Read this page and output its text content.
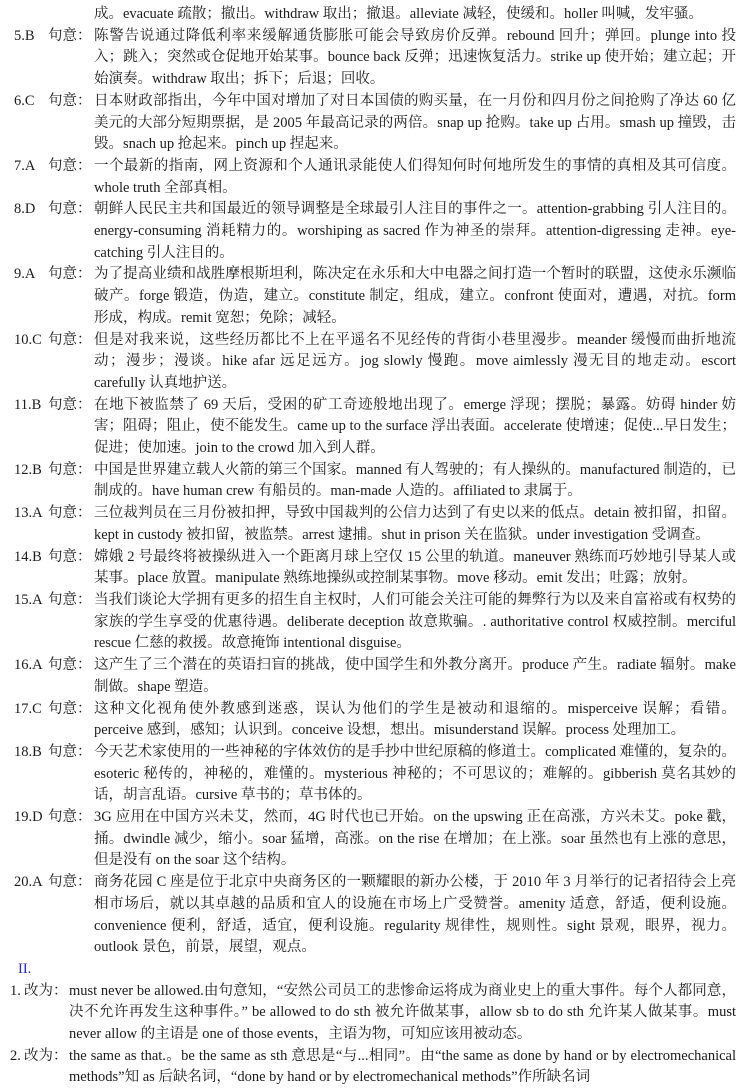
成。evacuate 疏散；撤出。withdraw 取出；撤退。alleviate 减轻，使缓和。holler 叫喊，发牢骚。
5.B 句意： 陈警告说通过降低利率来缓解通货膨胀可能会导致房价反弹。rebound 回升；弹回。plunge into 投入；跳入；突然或仓促地开始某事。bounce back 反弹；迅速恢复活力。strike up 使开始；建立起；开始演奏。withdraw 取出；拆下；后退；回收。
6.C 句意： 日本财政部指出，今年中国对增加了对日本国债的购买量，在一月份和四月份之间抢购了净达 60 亿美元的大部分短期票据，是 2005 年最高记录的两倍。snap up 抢购。take up 占用。smash up 撞毁，击毁。snach up 抢起来。pinch up 捏起来。
7.A 句意： 一个最新的指南，网上资源和个人通讯录能使人们得知何时何地所发生的事情的真相及其可信度。whole truth 全部真相。
8.D 句意： 朝鲜人民民主共和国最近的领导调整是全球最引人注目的事件之一。attention-grabbing 引人注目的。energy-consuming 消耗精力的。worshiping as sacred 作为神圣的崇拜。attention-digressing 走神。eye-catching 引人注目的。
9.A 句意： 为了提高业绩和战胜摩根斯坦利，陈决定在永乐和大中电器之间打造一个暂时的联盟，这使永乐濒临破产。forge 锻造，伪造，建立。constitute 制定，组成，建立。confront 使面对，遭遇，对抗。form 形成，构成。remit 宽恕；免除；减轻。
10.C 句意： 但是对我来说，这些经历都比不上在平遥名不见经传的背街小巷里漫步。meander 缓慢而曲折地流动；漫步；漫谈。hike afar 远足远方。jog slowly 慢跑。move aimlessly 漫无目的地走动。escort carefully 认真地护送。
11.B 句意： 在地下被监禁了 69 天后，受困的矿工奇迹般地出现了。emerge 浮现；摆脱；暴露。妨碍 hinder 妨害；阻碍；阻止，使不能发生。came up to the surface 浮出表面。accelerate 使增速；促使...早日发生；促进；使加速。join to the crowd 加入到人群。
12.B 句意： 中国是世界建立载人火箭的第三个国家。manned 有人驾驶的；有人操纵的。manufactured 制造的，已制成的。have human crew 有船员的。man-made 人造的。affiliated to 隶属于。
13.A 句意： 三位裁判员在三月份被扣押，导致中国裁判的公信力达到了有史以来的低点。detain 被扣留，扣留。kept in custody 被扣留，被监禁。arrest 逮捕。shut in prison 关在监狱。under investigation 受调查。
14.B 句意： 嫦娥 2 号最终将被操纵进入一个距离月球上空仅 15 公里的轨道。maneuver 熟练而巧妙地引导某人或某事。place 放置。manipulate 熟练地操纵或控制某事物。move 移动。emit 发出；吐露；放射。
15.A 句意： 当我们谈论大学拥有更多的招生自主权时，人们可能会关注可能的舞弊行为以及来自富裕或有权势的家族的学生享受的优惠待遇。deliberate deception 故意欺骗。. authoritative control 权威控制。merciful rescue 仁慈的救援。故意掩饰 intentional disguise。
16.A 句意： 这产生了三个潜在的英语扫盲的挑战，使中国学生和外教分离开。produce 产生。radiate 辐射。make 制做。shape 塑造。
17.C 句意： 这种文化视角使外教感到迷惑，误认为他们的学生是被动和退缩的。misperceive 误解；看错。perceive 感到，感知；认识到。conceive 设想，想出。misunderstand 误解。process 处理加工。
18.B 句意： 今天艺术家使用的一些神秘的字体效仿的是手抄中世纪原稿的修道士。complicated 难懂的，复杂的。esoteric 秘传的，神秘的，难懂的。mysterious 神秘的；不可思议的；难解的。gibberish 莫名其妙的话，胡言乱语。cursive 草书的；草书体的。
19.D 句意： 3G 应用在中国方兴未艾，然而，4G 时代也已开始。on the upswing 正在高涨，方兴未艾。poke 戳，捅。dwindle 减少，缩小。soar 猛增，高涨。on the rise 在增加；在上涨。soar 虽然也有上涨的意思，但是没有 on the soar 这个结构。
20.A 句意： 商务花园 C 座是位于北京中央商务区的一颗耀眼的新办公楼，于 2010 年 3 月举行的记者招待会上亮相市场后，就以其卓越的品质和宜人的设施在市场上广受赞誉。amenity 适意，舒适，便利设施。convenience 便利，舒适，适宜，便利设施。regularity 规律性，规则性。sight 景观，眼界，视力。outlook 景色，前景，展望，观点。
II.
1. 改为： must never be allowed.由句意知，“安然公司员工的悲惨命运将成为商业史上的重大事件。每个人都同意，决不允许再发生这种事件。” be allowed to do sth 被允许做某事，allow sb to do sth 允许某人做某事。must never allow 的主语是 one of those events，主语为物，可知应该用被动态。
2. 改为： the same as that.。be the same as sth 意思是“与...相同”。由“the same as done by hand or by electromechanical methods”知 as 后缺名词，“done by hand or by electromechanical methods”作所缺名词
